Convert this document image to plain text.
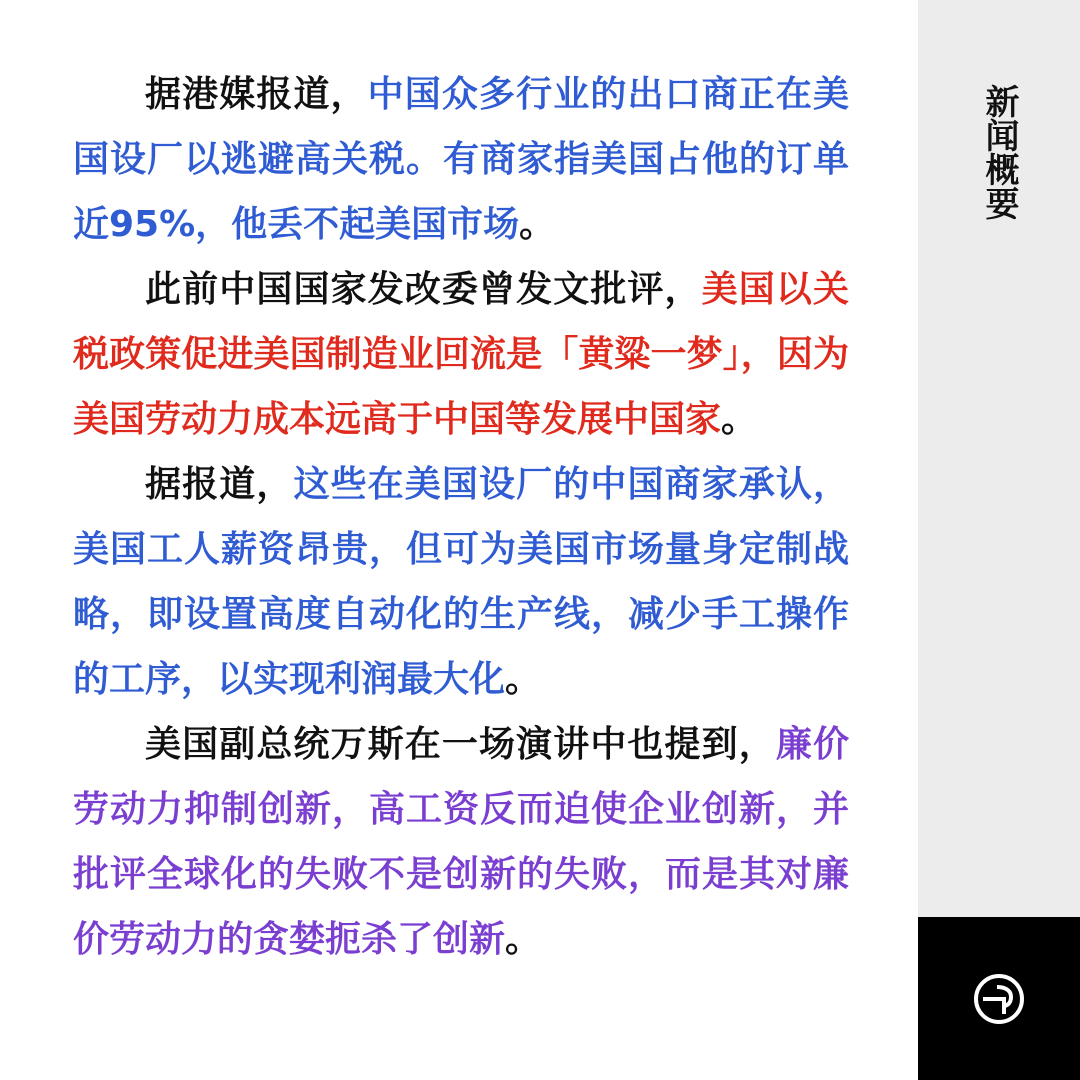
据港媒报道，中国众多行业的出口商正在美国设厂以逃避高关税。有商家指美国占他的订单近95%，他丢不起美国市场。

此前中国国家发改委曾发文批评，美国以关税政策促进美国制造业回流是「黄粱一梦」，因为美国劳动力成本远高于中国等发展中国家。

据报道，这些在美国设厂的中国商家承认，美国工人薪资昂贵，但可为美国市场量身定制战略，即设置高度自动化的生产线，减少手工操作的工序，以实现利润最大化。

美国副总统万斯在一场演讲中也提到，廉价劳动力抑制创新，高工资反而迫使企业创新，并批评全球化的失败不是创新的失败，而是其对廉价劳动力的贪婪扼杀了创新。

新闻概要
